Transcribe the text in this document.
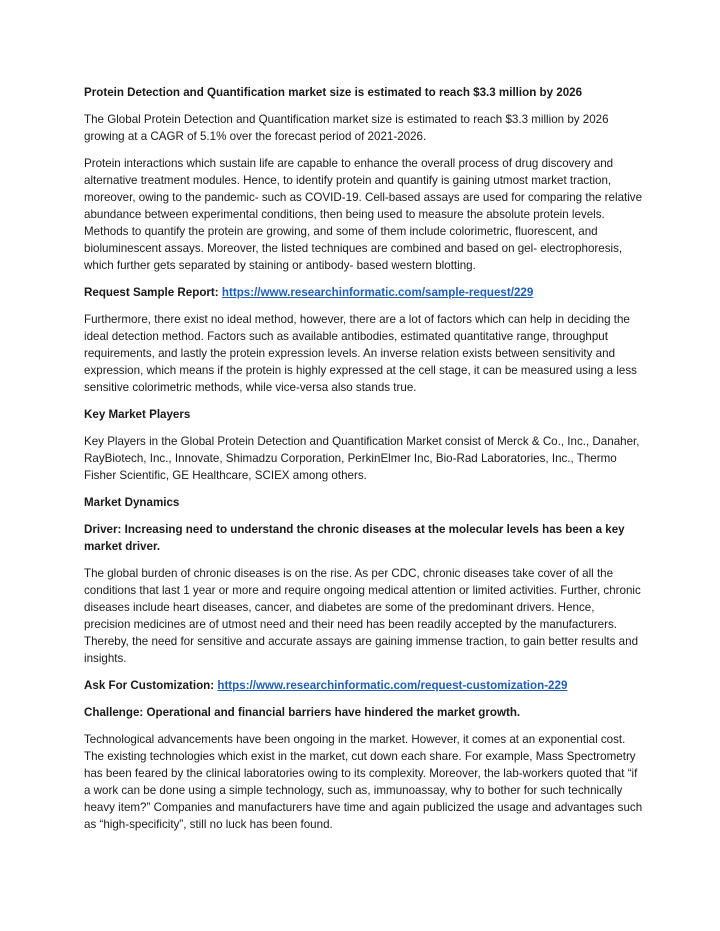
Protein Detection and Quantification market size is estimated to reach $3.3 million by 2026

The Global Protein Detection and Quantification market size is estimated to reach $3.3 million by 2026 growing at a CAGR of 5.1% over the forecast period of 2021-2026.

Protein interactions which sustain life are capable to enhance the overall process of drug discovery and alternative treatment modules. Hence, to identify protein and quantify is gaining utmost market traction, moreover, owing to the pandemic- such as COVID-19. Cell-based assays are used for comparing the relative abundance between experimental conditions, then being used to measure the absolute protein levels. Methods to quantify the protein are growing, and some of them include colorimetric, fluorescent, and bioluminescent assays. Moreover, the listed techniques are combined and based on gel- electrophoresis, which further gets separated by staining or antibody- based western blotting.

Request Sample Report: https://www.researchinformatic.com/sample-request/229

Furthermore, there exist no ideal method, however, there are a lot of factors which can help in deciding the ideal detection method. Factors such as available antibodies, estimated quantitative range, throughput requirements, and lastly the protein expression levels. An inverse relation exists between sensitivity and expression, which means if the protein is highly expressed at the cell stage, it can be measured using a less sensitive colorimetric methods, while vice-versa also stands true.

Key Market Players

Key Players in the Global Protein Detection and Quantification Market consist of Merck & Co., Inc., Danaher, RayBiotech, Inc., Innovate, Shimadzu Corporation, PerkinElmer Inc, Bio-Rad Laboratories, Inc., Thermo Fisher Scientific, GE Healthcare, SCIEX among others.

Market Dynamics

Driver: Increasing need to understand the chronic diseases at the molecular levels has been a key market driver.

The global burden of chronic diseases is on the rise. As per CDC, chronic diseases take cover of all the conditions that last 1 year or more and require ongoing medical attention or limited activities. Further, chronic diseases include heart diseases, cancer, and diabetes are some of the predominant drivers. Hence, precision medicines are of utmost need and their need has been readily accepted by the manufacturers. Thereby, the need for sensitive and accurate assays are gaining immense traction, to gain better results and insights.

Ask For Customization: https://www.researchinformatic.com/request-customization-229

Challenge: Operational and financial barriers have hindered the market growth.

Technological advancements have been ongoing in the market. However, it comes at an exponential cost. The existing technologies which exist in the market, cut down each share. For example, Mass Spectrometry has been feared by the clinical laboratories owing to its complexity. Moreover, the lab-workers quoted that “if a work can be done using a simple technology, such as, immunoassay, why to bother for such technically heavy item?” Companies and manufacturers have time and again publicized the usage and advantages such as “high-specificity”, still no luck has been found.
